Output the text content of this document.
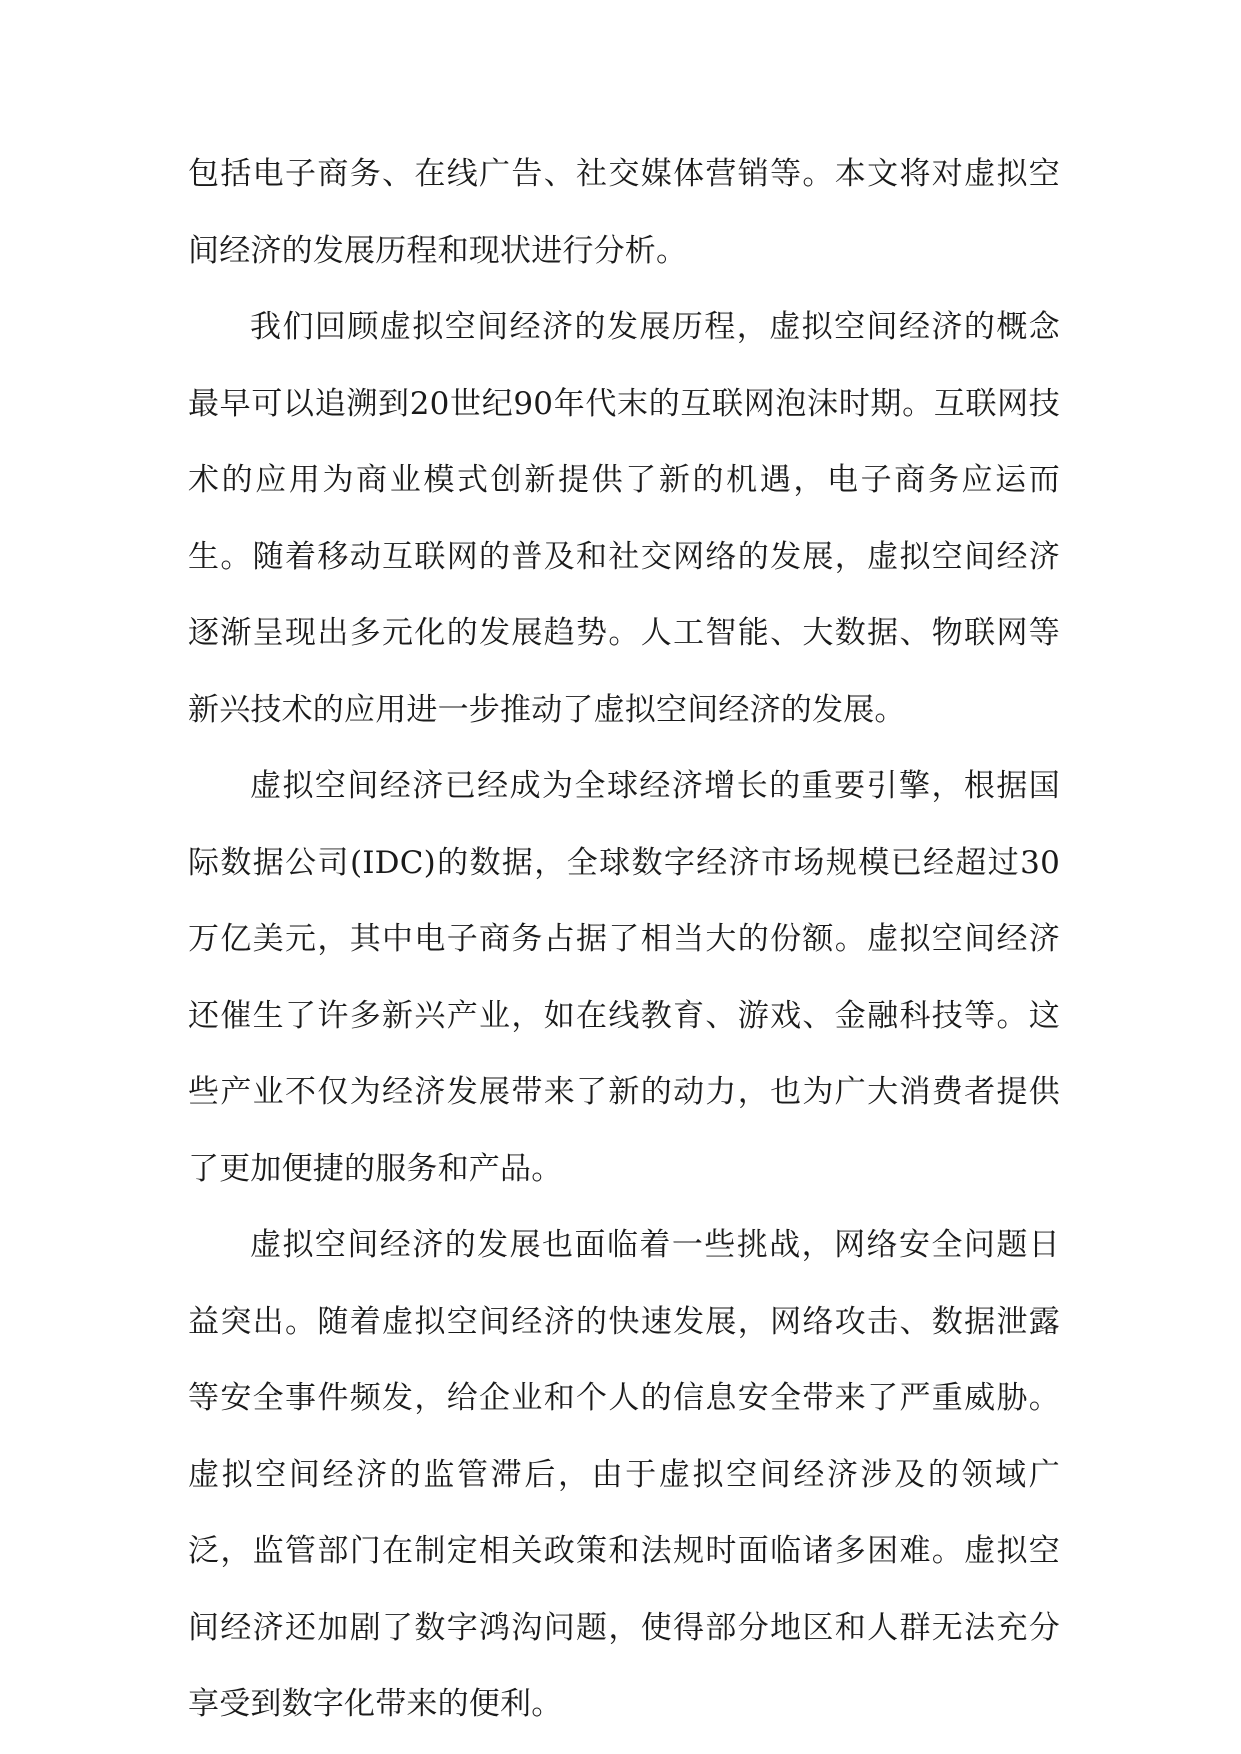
包括电子商务、在线广告、社交媒体营销等。本文将对虚拟空间经济的发展历程和现状进行分析。

我们回顾虚拟空间经济的发展历程，虚拟空间经济的概念最早可以追溯到20世纪90年代末的互联网泡沫时期。互联网技术的应用为商业模式创新提供了新的机遇，电子商务应运而生。随着移动互联网的普及和社交网络的发展，虚拟空间经济逐渐呈现出多元化的发展趋势。人工智能、大数据、物联网等新兴技术的应用进一步推动了虚拟空间经济的发展。

虚拟空间经济已经成为全球经济增长的重要引擎，根据国际数据公司(IDC)的数据，全球数字经济市场规模已经超过30万亿美元，其中电子商务占据了相当大的份额。虚拟空间经济还催生了许多新兴产业，如在线教育、游戏、金融科技等。这些产业不仅为经济发展带来了新的动力，也为广大消费者提供了更加便捷的服务和产品。

虚拟空间经济的发展也面临着一些挑战，网络安全问题日益突出。随着虚拟空间经济的快速发展，网络攻击、数据泄露等安全事件频发，给企业和个人的信息安全带来了严重威胁。虚拟空间经济的监管滞后，由于虚拟空间经济涉及的领域广泛，监管部门在制定相关政策和法规时面临诸多困难。虚拟空间经济还加剧了数字鸿沟问题，使得部分地区和人群无法充分享受到数字化带来的便利。
